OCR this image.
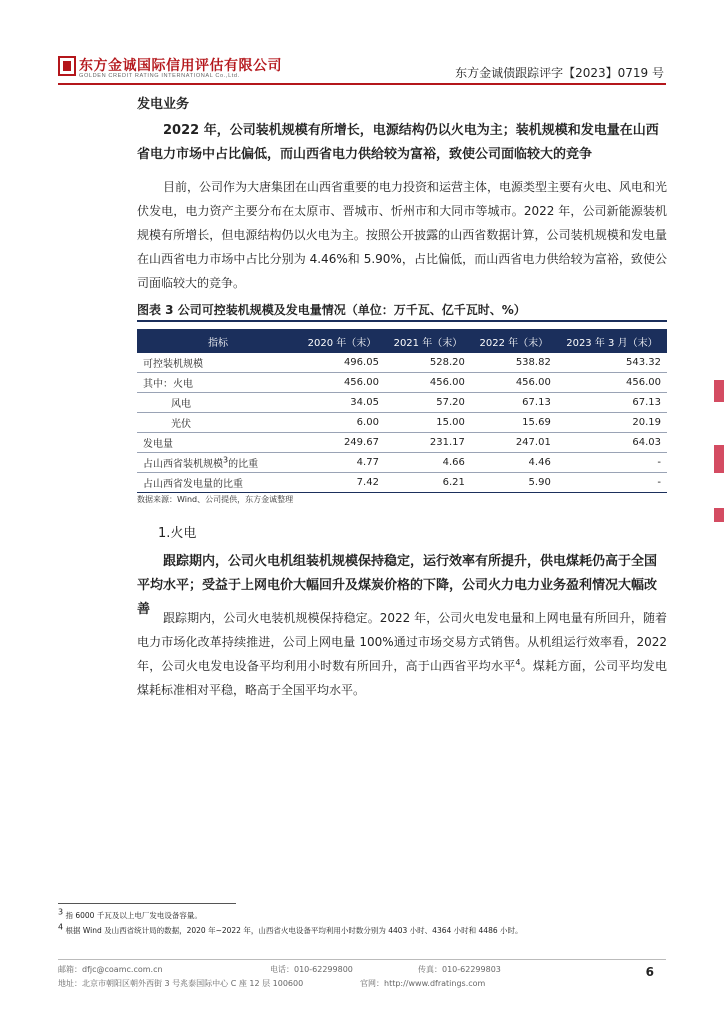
东方金诚国际信用评估有限公司
GOLDEN CREDIT RATING INTERNATIONAL Co.,Ltd.	东方金诚债跟踪评字【2023】0719 号
发电业务
2022 年，公司装机规模有所增长，电源结构仍以火电为主；装机规模和发电量在山西省电力市场中占比偏低，而山西省电力供给较为富裕，致使公司面临较大的竞争
目前，公司作为大唐集团在山西省重要的电力投资和运营主体，电源类型主要有火电、风电和光伏发电，电力资产主要分布在太原市、晋城市、忻州市和大同市等城市。2022 年，公司新能源装机规模有所增长，但电源结构仍以火电为主。按照公开披露的山西省数据计算，公司装机规模和发电量在山西省电力市场中占比分别为 4.46%和 5.90%，占比偏低，而山西省电力供给较为富裕，致使公司面临较大的竞争。
图表 3 公司可控装机规模及发电量情况（单位：万千瓦、亿千瓦时、%）
指标	2020 年（末）	2021 年（末）	2022 年（末）	2023 年 3 月（末）
可控装机规模	496.05	528.20	538.82	543.32
其中：火电	456.00	456.00	456.00	456.00
风电	34.05	57.20	67.13	67.13
光伏	6.00	15.00	15.69	20.19
发电量	249.67	231.17	247.01	64.03
占山西省装机规模$^3$的比重	4.77	4.66	4.46	-
占山西省发电量的比重	7.42	6.21	5.90	-
数据来源：Wind、公司提供，东方金诚整理
1.火电
跟踪期内，公司火电机组装机规模保持稳定，运行效率有所提升，供电煤耗仍高于全国平均水平；受益于上网电价大幅回升及煤炭价格的下降，公司火力电力业务盈利情况大幅改善
跟踪期内，公司火电装机规模保持稳定。2022 年，公司火电发电量和上网电量有所回升，随着电力市场化改革持续推进，公司上网电量 100%通过市场交易方式销售。从机组运行效率看，2022 年，公司火电发电设备平均利用小时数有所回升，高于山西省平均水平$^4$。煤耗方面，公司平均发电煤耗标准相对平稳，略高于全国平均水平。
3 指 6000 千瓦及以上电厂发电设备容量。
4 根据 Wind 及山西省统计局的数据，2020 年~2022 年，山西省火电设备平均利用小时数分别为 4403 小时、4364 小时和 4486 小时。
邮箱：dfjc@coamc.com.cn	电话：010-62299800	传真：010-62299803
地址：北京市朝阳区朝外西街 3 号兆泰国际中心 C 座 12 层 100600	官网：http://www.dfratings.com
6
